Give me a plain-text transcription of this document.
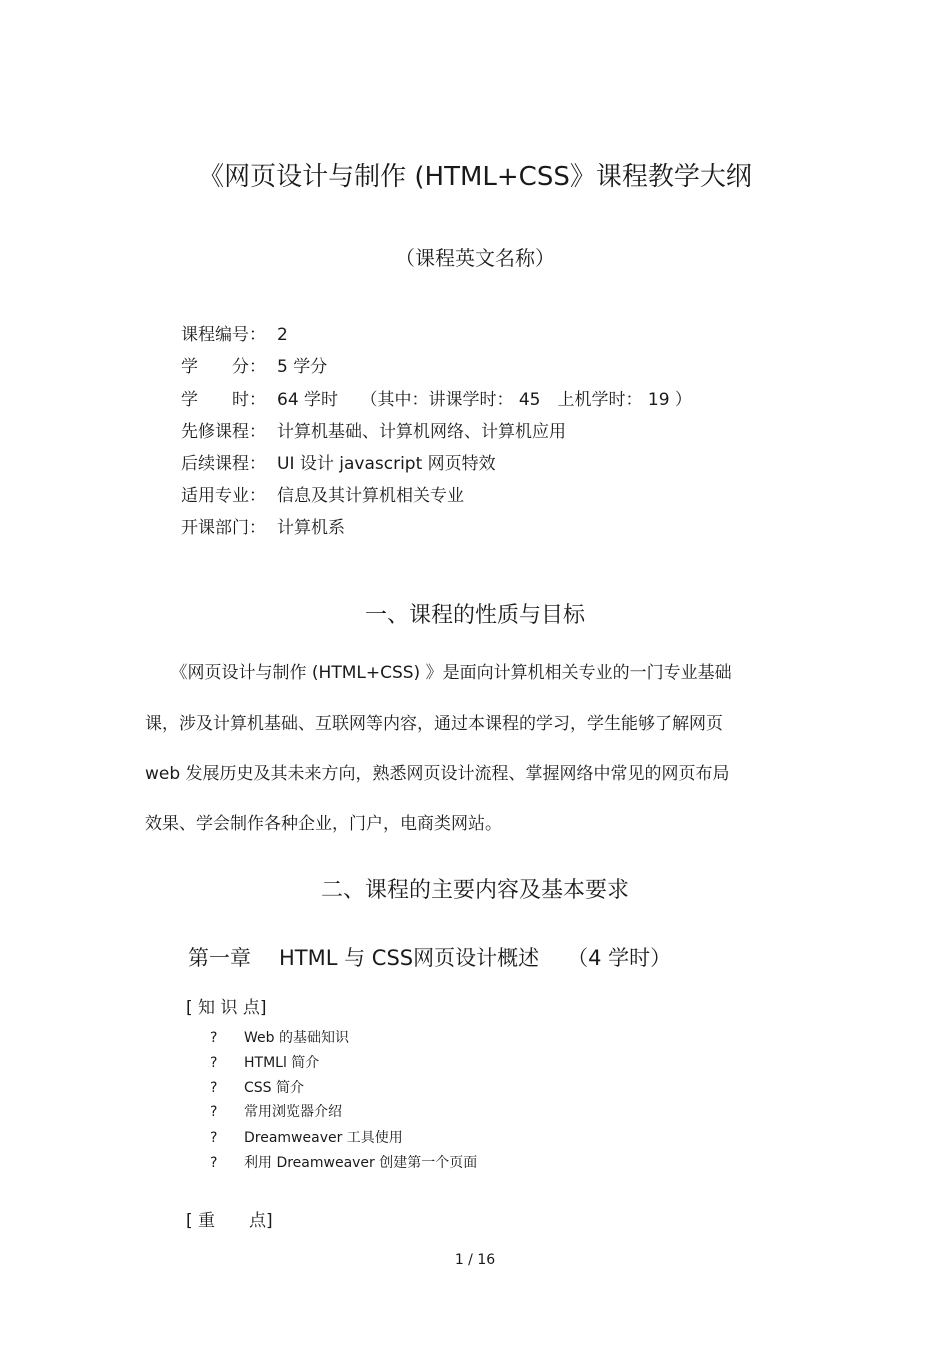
《网页设计与制作 (HTML+CSS》课程教学大纲
（课程英文名称）
课程编号： 2
学　　分： 5 学分
学　　时： 64 学时　 （其中：讲课学时： 45　上机学时： 19 ）
先修课程： 计算机基础、计算机网络、计算机应用
后续课程： UI 设计 javascript 网页特效
适用专业： 信息及其计算机相关专业
开课部门： 计算机系
一、课程的性质与目标
　　《网页设计与制作 (HTML+CSS) 》是面向计算机相关专业的一门专业基础
课，涉及计算机基础、互联网等内容，通过本课程的学习，学生能够了解网页
web 发展历史及其未来方向，熟悉网页设计流程、掌握网络中常见的网页布局
效果、学会制作各种企业，门户，电商类网站。
二、课程的主要内容及基本要求
第一章 HTML 与 CSS网页设计概述 （4 学时）
[ 知 识 点]
? Web 的基础知识
? HTMLl 简介
? CSS 简介
? 常用浏览器介绍
? Dreamweaver 工具使用
? 利用 Dreamweaver 创建第一个页面
[ 重　　点]
1 / 16
